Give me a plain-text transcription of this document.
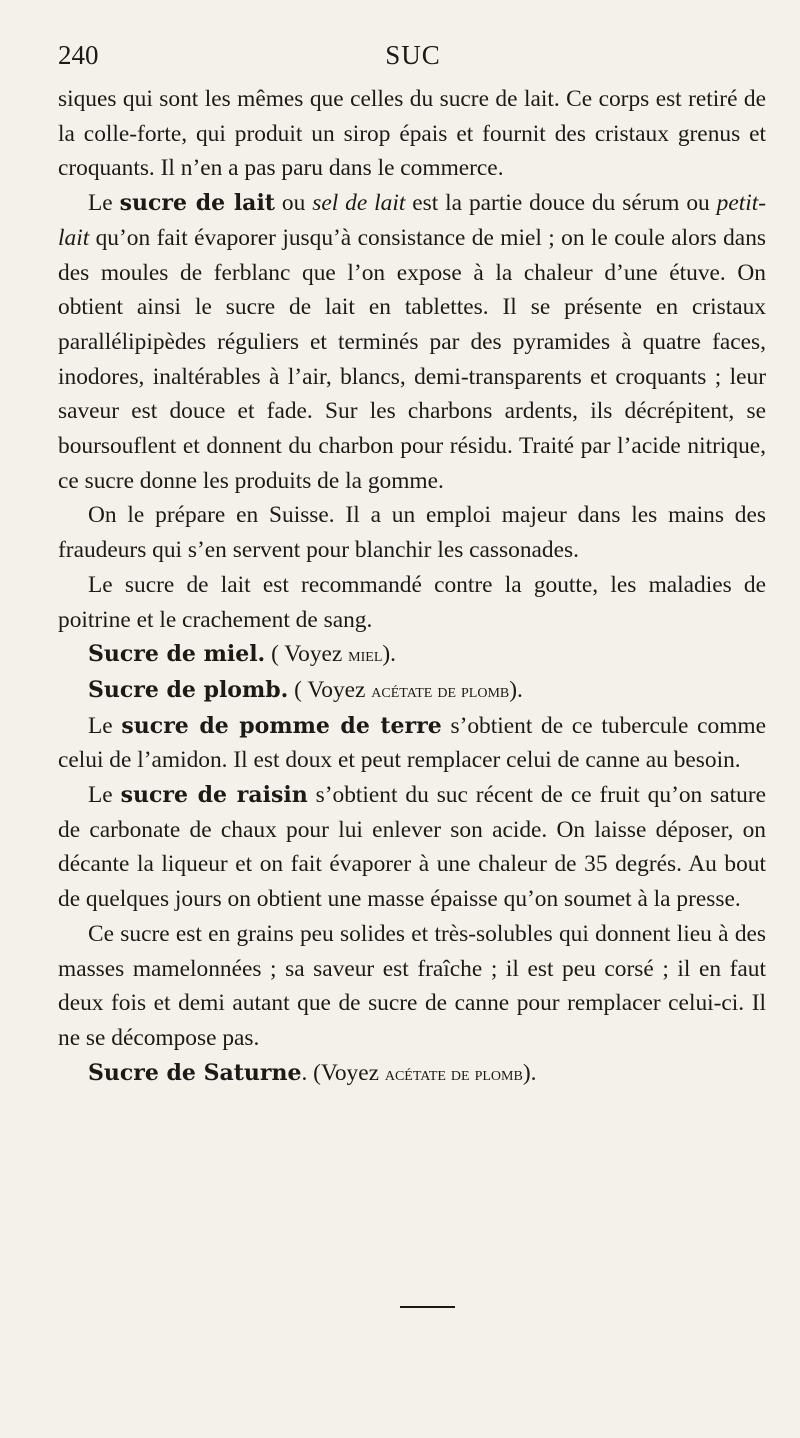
240	SUC

siques qui sont les mêmes que celles du sucre de lait. Ce corps est retiré de la colle-forte, qui produit un sirop épais et fournit des cristaux grenus et croquants. Il n’en a pas paru dans le commerce.

Le sucre de lait ou sel de lait est la partie douce du sérum ou petit-lait qu’on fait évaporer jusqu’à consistance de miel ; on le coule alors dans des moules de ferblanc que l’on expose à la chaleur d’une étuve. On obtient ainsi le sucre de lait en tablettes. Il se présente en cristaux parallélipipèdes réguliers et terminés par des pyramides à quatre faces, inodores, inaltérables à l’air, blancs, demi-transparents et croquants ; leur saveur est douce et fade. Sur les charbons ardents, ils décrépitent, se boursouflent et donnent du charbon pour résidu. Traité par l’acide nitrique, ce sucre donne les produits de la gomme.

On le prépare en Suisse. Il a un emploi majeur dans les mains des fraudeurs qui s’en servent pour blanchir les cassonades.

Le sucre de lait est recommandé contre la goutte, les maladies de poitrine et le crachement de sang.

Sucre de miel. ( Voyez miel).

Sucre de plomb. ( Voyez acétate de plomb).

Le sucre de pomme de terre s’obtient de ce tubercule comme celui de l’amidon. Il est doux et peut remplacer celui de canne au besoin.

Le sucre de raisin s’obtient du suc récent de ce fruit qu’on sature de carbonate de chaux pour lui enlever son acide. On laisse déposer, on décante la liqueur et on fait évaporer à une chaleur de 35 degrés. Au bout de quelques jours on obtient une masse épaisse qu’on soumet à la presse.

Ce sucre est en grains peu solides et très-solubles qui donnent lieu à des masses mamelonnées ; sa saveur est fraîche ; il est peu corsé ; il en faut deux fois et demi autant que de sucre de canne pour remplacer celui-ci. Il ne se décompose pas.

Sucre de Saturne. (Voyez acétate de plomb).
